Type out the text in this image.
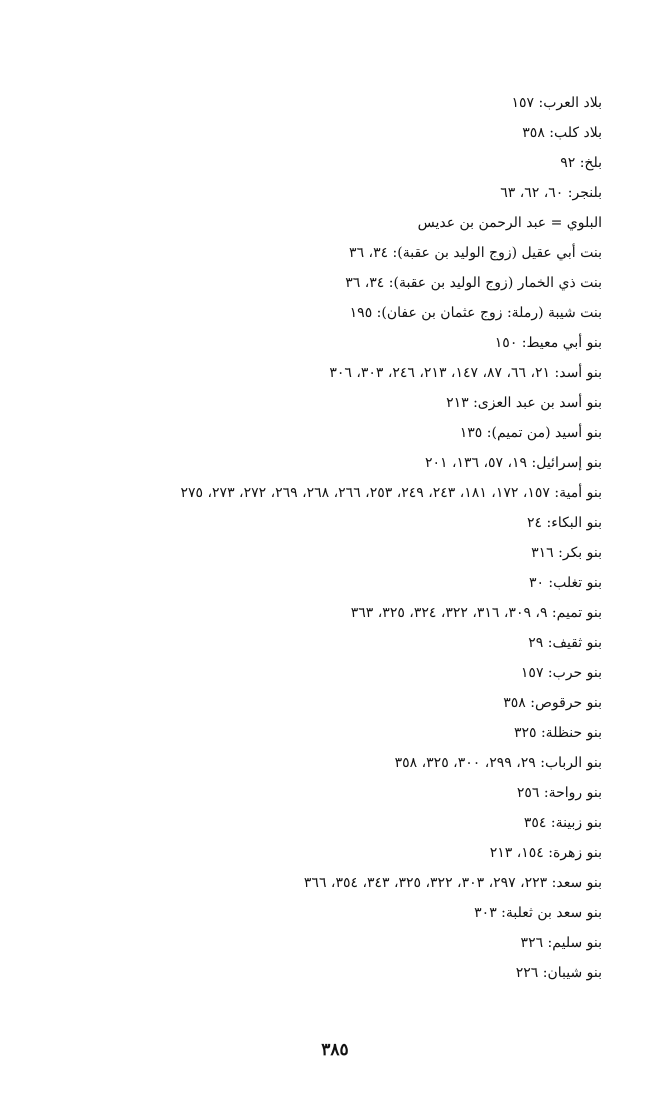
بلاد العرب: ١٥٧
بلاد كلب: ٣٥٨
بلخ: ٩٢
بلنجر: ٦٠، ٦٢، ٦٣
البلوي = عبد الرحمن بن عديس
بنت أبي عقيل (زوج الوليد بن عقبة): ٣٤، ٣٦
بنت ذي الخمار (زوج الوليد بن عقبة): ٣٤، ٣٦
بنت شيبة (رملة: زوج عثمان بن عفان): ١٩٥
بنو أبي معيط: ١٥٠
بنو أسد: ٢١، ٦٦، ٨٧، ١٤٧، ٢١٣، ٢٤٦، ٣٠٣، ٣٠٦
بنو أسد بن عبد العزى: ٢١٣
بنو أسيد (من تميم): ١٣٥
بنو إسرائيل: ١٩، ٥٧، ١٣٦، ٢٠١
بنو أمية: ١٥٧، ١٧٢، ١٨١، ٢٤٣، ٢٤٩، ٢٥٣، ٢٦٦، ٢٦٨، ٢٦٩، ٢٧٢، ٢٧٣، ٢٧٥
بنو البكاء: ٢٤
بنو بكر: ٣١٦
بنو تغلب: ٣٠
بنو تميم: ٩، ٣٠٩، ٣١٦، ٣٢٢، ٣٢٤، ٣٢٥، ٣٦٣
بنو ثقيف: ٢٩
بنو حرب: ١٥٧
بنو حرقوص: ٣٥٨
بنو حنظلة: ٣٢٥
بنو الرباب: ٢٩، ٢٩٩، ٣٠٠، ٣٢٥، ٣٥٨
بنو رواحة: ٢٥٦
بنو زبينة: ٣٥٤
بنو زهرة: ١٥٤، ٢١٣
بنو سعد: ٢٢٣، ٢٩٧، ٣٠٣، ٣٢٢، ٣٢٥، ٣٤٣، ٣٥٤، ٣٦٦
بنو سعد بن ثعلبة: ٣٠٣
بنو سليم: ٣٢٦
بنو شيبان: ٢٢٦
٣٨٥
